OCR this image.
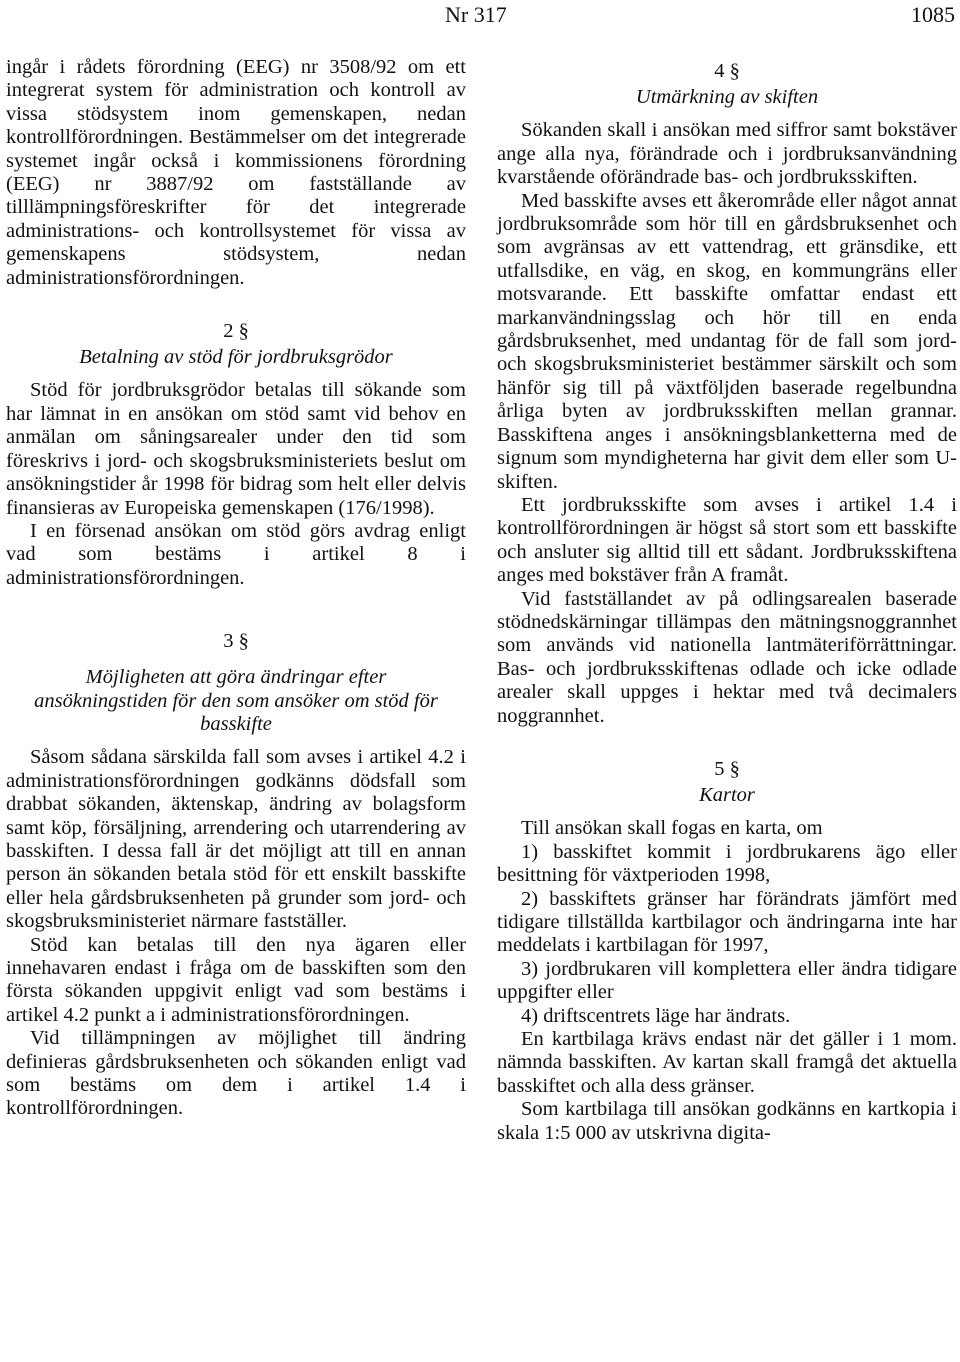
Nr 317	1085

ingår i rådets förordning (EEG) nr 3508/92 om ett integrerat system för administration och kontroll av vissa stödsystem inom gemenskapen, nedan kontrollförordningen. Bestämmelser om det integrerade systemet ingår också i kommissionens förordning (EEG) nr 3887/92 om fastställande av tilllämpningsföreskrifter för det integrerade administrations- och kontrollsystemet för vissa av gemenskapens stödsystem, nedan administrationsförordningen.

2 §

Betalning av stöd för jordbruksgrödor

Stöd för jordbruksgrödor betalas till sökande som har lämnat in en ansökan om stöd samt vid behov en anmälan om såningsarealer under den tid som föreskrivs i jord- och skogsbruksministeriets beslut om ansökningstider år 1998 för bidrag som helt eller delvis finansieras av Europeiska gemenskapen (176/1998).

I en försenad ansökan om stöd görs avdrag enligt vad som bestäms i artikel 8 i administrationsförordningen.

3 §

Möjligheten att göra ändringar efter ansökningstiden för den som ansöker om stöd för basskifte

Såsom sådana särskilda fall som avses i artikel 4.2 i administrationsförordningen godkänns dödsfall som drabbat sökanden, äktenskap, ändring av bolagsform samt köp, försäljning, arrendering och utarrendering av basskiften. I dessa fall är det möjligt att till en annan person än sökanden betala stöd för ett enskilt basskifte eller hela gårdsbruksenheten på grunder som jord- och skogsbruksministeriet närmare fastställer.

Stöd kan betalas till den nya ägaren eller innehavaren endast i fråga om de basskiften som den första sökanden uppgivit enligt vad som bestäms i artikel 4.2 punkt a i administrationsförordningen.

Vid tillämpningen av möjlighet till ändring definieras gårdsbruksenheten och sökanden enligt vad som bestäms om dem i artikel 1.4 i kontrollförordningen.

4 §

Utmärkning av skiften

Sökanden skall i ansökan med siffror samt bokstäver ange alla nya, förändrade och i jordbruksanvändning kvarstående oförändrade bas- och jordbruksskiften.

Med basskifte avses ett åkerområde eller något annat jordbruksområde som hör till en gårdsbruksenhet och som avgränsas av ett vattendrag, ett gränsdike, ett utfallsdike, en väg, en skog, en kommungräns eller motsvarande. Ett basskifte omfattar endast ett markanvändningsslag och hör till en enda gårdsbruksenhet, med undantag för de fall som jord- och skogsbruksministeriet bestämmer särskilt och som hänför sig till på växtföljden baserade regelbundna årliga byten av jordbruksskiften mellan grannar. Basskiftena anges i ansökningsblanketterna med de signum som myndigheterna har givit dem eller som U-skiften.

Ett jordbruksskifte som avses i artikel 1.4 i kontrollförordningen är högst så stort som ett basskifte och ansluter sig alltid till ett sådant. Jordbruksskiftena anges med bokstäver från A framåt.

Vid fastställandet av på odlingsarealen baserade stödnedskärningar tillämpas den mätningsnoggrannhet som används vid nationella lantmäteriförrättningar. Bas- och jordbruksskiftenas odlade och icke odlade arealer skall uppges i hektar med två decimalers noggrannhet.

5 §

Kartor

Till ansökan skall fogas en karta, om

1) basskiftet kommit i jordbrukarens ägo eller besittning för växtperioden 1998,

2) basskiftets gränser har förändrats jämfört med tidigare tillställda kartbilagor och ändringarna inte har meddelats i kartbilagan för 1997,

3) jordbrukaren vill komplettera eller ändra tidigare uppgifter eller

4) driftscentrets läge har ändrats.

En kartbilaga krävs endast när det gäller i 1 mom. nämnda basskiften. Av kartan skall framgå det aktuella basskiftet och alla dess gränser.

Som kartbilaga till ansökan godkänns en kartkopia i skala 1:5 000 av utskrivna digita-
